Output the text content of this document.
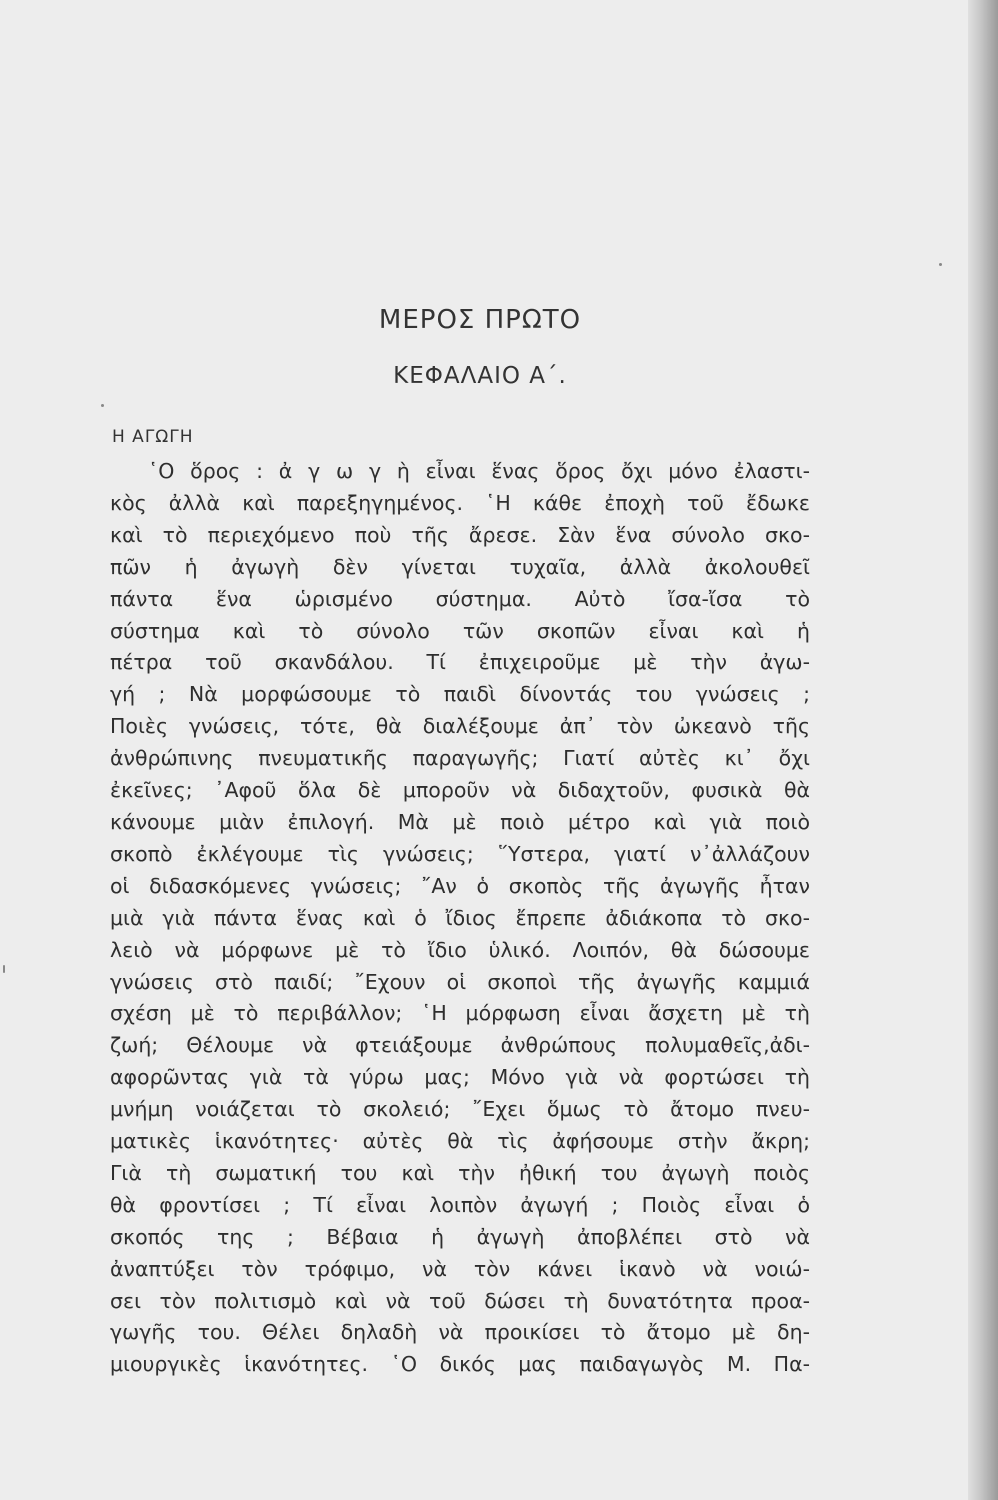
ΜΕΡΟΣ ΠΡΩΤΟ
ΚΕΦΑΛΑΙΟ Α΄.
Η ΑΓΩΓΗ
῾Ο ὅρος : ἀ γ ω γ ὴ εἶναι ἕνας ὅρος ὄχι μόνο ἐλαστι-
κὸς ἀλλὰ καὶ παρεξηγημένος. ῾Η κάθε ἐποχὴ τοῦ ἔδωκε
καὶ τὸ περιεχόμενο ποὺ τῆς ἄρεσε. Σὰν ἕνα σύνολο σκο-
πῶν ἡ ἀγωγὴ δὲν γίνεται τυχαῖα, ἀλλὰ ἀκολουθεῖ
πάντα ἕνα ὡρισμένο σύστημα. Αὐτὸ ἴσα-ἴσα τὸ
σύστημα καὶ τὸ σύνολο τῶν σκοπῶν εἶναι καὶ ἡ
πέτρα τοῦ σκανδάλου. Τί ἐπιχειροῦμε μὲ τὴν ἀγω-
γή ; Νὰ μορφώσουμε τὸ παιδὶ δίνοντάς του γνώσεις ;
Ποιὲς γνώσεις, τότε, θὰ διαλέξουμε ἀπ᾽ τὸν ὠκεανὸ τῆς
ἀνθρώπινης πνευματικῆς παραγωγῆς; Γιατί αὐτὲς κι᾽ ὄχι
ἐκεῖνες; ᾽Αφοῦ ὅλα δὲ μποροῦν νὰ διδαχτοῦν, φυσικὰ θὰ
κάνουμε μιὰν ἐπιλογή. Μὰ μὲ ποιὸ μέτρο καὶ γιὰ ποιὸ
σκοπὸ ἐκλέγουμε τὶς γνώσεις; ῞Υστερα, γιατί ν᾽ἀλλάζουν
οἱ διδασκόμενες γνώσεις; ῎Αν ὁ σκοπὸς τῆς ἀγωγῆς ἦταν
μιὰ γιὰ πάντα ἕνας καὶ ὁ ἴδιος ἔπρεπε ἀδιάκοπα τὸ σκο-
λειὸ νὰ μόρφωνε μὲ τὸ ἴδιο ὑλικό. Λοιπόν, θὰ δώσουμε
γνώσεις στὸ παιδί; ῎Εχουν οἱ σκοποὶ τῆς ἀγωγῆς καμμιά
σχέση μὲ τὸ περιβάλλον; ῾Η μόρφωση εἶναι ἄσχετη μὲ τὴ
ζωή; Θέλουμε νὰ φτειάξουμε ἀνθρώπους πολυμαθεῖς,ἀδι-
αφορῶντας γιὰ τὰ γύρω μας; Μόνο γιὰ νὰ φορτώσει τὴ
μνήμη νοιάζεται τὸ σκολειό; ῎Εχει ὅμως τὸ ἄτομο πνευ-
ματικὲς ἱκανότητες· αὐτὲς θὰ τὶς ἀφήσουμε στὴν ἄκρη;
Γιὰ τὴ σωματική του καὶ τὴν ἠθική του ἀγωγὴ ποιὸς
θὰ φροντίσει ; Τί εἶναι λοιπὸν ἀγωγή ; Ποιὸς εἶναι ὁ
σκοπός της ; Βέβαια ἡ ἀγωγὴ ἀποβλέπει στὸ νὰ
ἀναπτύξει τὸν τρόφιμο, νὰ τὸν κάνει ἱκανὸ νὰ νοιώ-
σει τὸν πολιτισμὸ καὶ νὰ τοῦ δώσει τὴ δυνατότητα προα-
γωγῆς του. Θέλει δηλαδὴ νὰ προικίσει τὸ ἄτομο μὲ δη-
μιουργικὲς ἱκανότητες. ῾Ο δικός μας παιδαγωγὸς Μ. Πα-
